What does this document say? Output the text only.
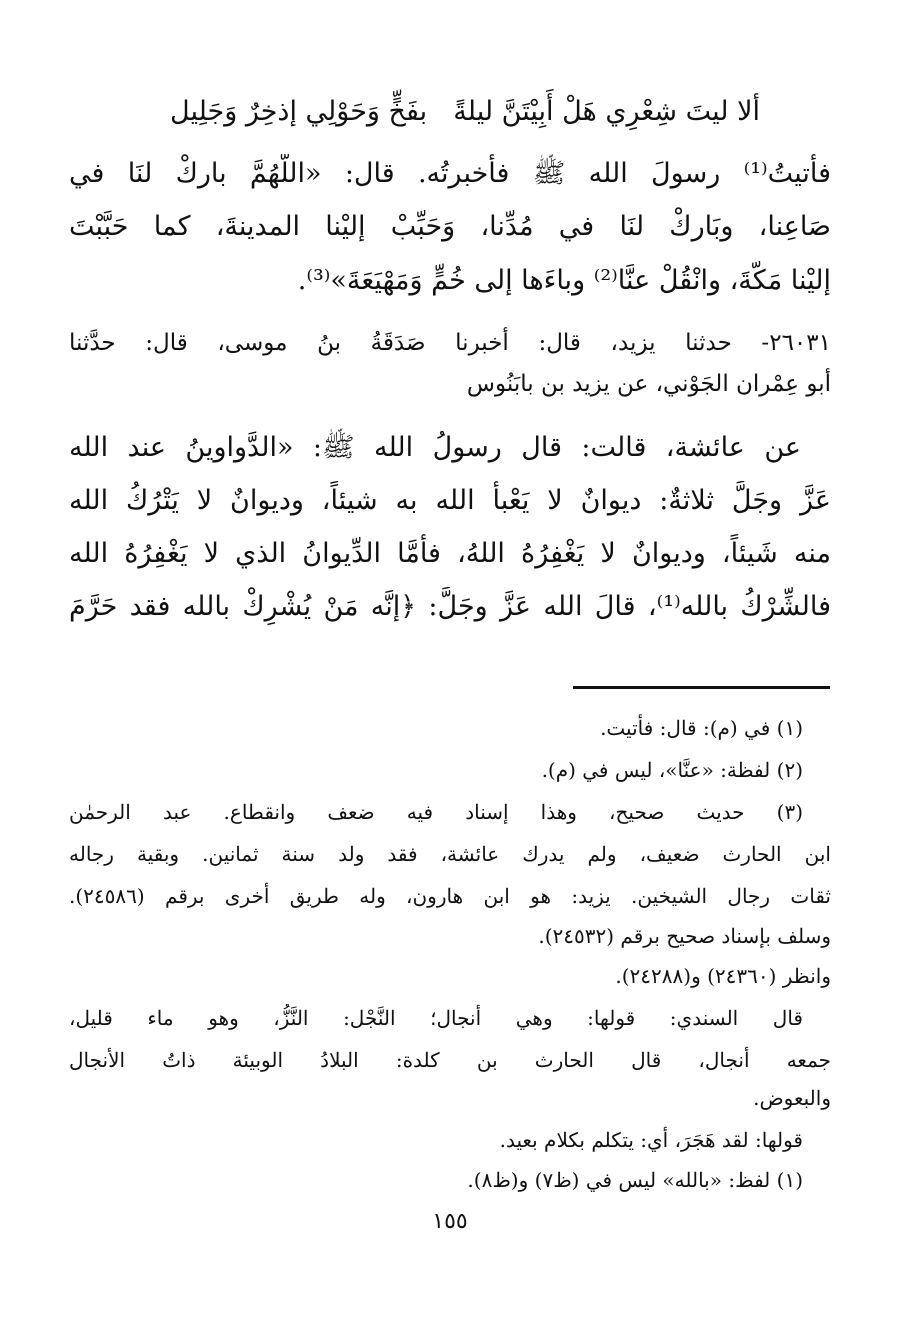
ألا ليتَ شِعْرِي هَلْ أَبِيْتَنَّ ليلةً
بفَخٍّ وَحَوْلِي إذخِرٌ وَجَلِيل
فأتيتُ⁽¹⁾ رسولَ الله ﷺ فأخبرتُه. قال: «اللَّهُمَّ باركْ لنَا في
صَاعِنا، وبَاركْ لنَا في مُدِّنا، وَحَبِّبْ إليْنا المدينةَ، كما حَبَّبْتَ
إليْنا مَكَّةَ، وانْقُلْ عنَّا⁽²⁾ وباءَها إلى خُمٍّ وَمَهْيَعَةَ»⁽³⁾.
٢٦٠٣١- حدثنا يزيد، قال: أخبرنا صَدَقَةُ بنُ موسى، قال: حدَّثنا
أبو عِمْران الجَوْني، عن يزيد بن بابَنُوس
عن عائشة، قالت: قال رسولُ الله ﷺ: «الدَّواوينُ عند الله
عَزَّ وجَلَّ ثلاثةٌ: ديوانٌ لا يَعْبأُ الله به شيئاً، وديوانٌ لا يَتْرُكُ الله
منه شَيئاً، وديوانٌ لا يَغْفِرُهُ اللهُ، فأمَّا الدِّيوانُ الذي لا يَغْفِرُهُ الله
فالشِّرْكُ بالله⁽¹⁾، قالَ الله عَزَّ وجَلَّ: ﴿إنَّه مَنْ يُشْرِكْ بالله فقد حَرَّمَ
(١) في (م): قال: فأتيت.
(٢) لفظة: «عنَّا»، ليس في (م).
(٣) حديث صحيح، وهذا إسناد فيه ضعف وانقطاع. عبد الرحمٰن
ابن الحارث ضعيف، ولم يدرك عائشة، فقد ولد سنة ثمانين. وبقية رجاله
ثقات رجال الشيخين. يزيد: هو ابن هارون، وله طريق أخرى برقم (٢٤٥٨٦).
وسلف بإسناد صحيح برقم (٢٤٥٣٢).
وانظر (٢٤٣٦٠) و(٢٤٢٨٨).
قال السندي: قولها: وهي أنجال؛ النَّجْل: النَّزُّ، وهو ماء قليل،
جمعه أنجال، قال الحارث بن كلدة: البلادُ الوبيئة ذاتُ الأنجال
والبعوض.
قولها: لقد هَجَرَ، أي: يتكلم بكلام بعيد.
(١) لفظ: «بالله» ليس في (ظ٧) و(ظ٨).
١٥٥
